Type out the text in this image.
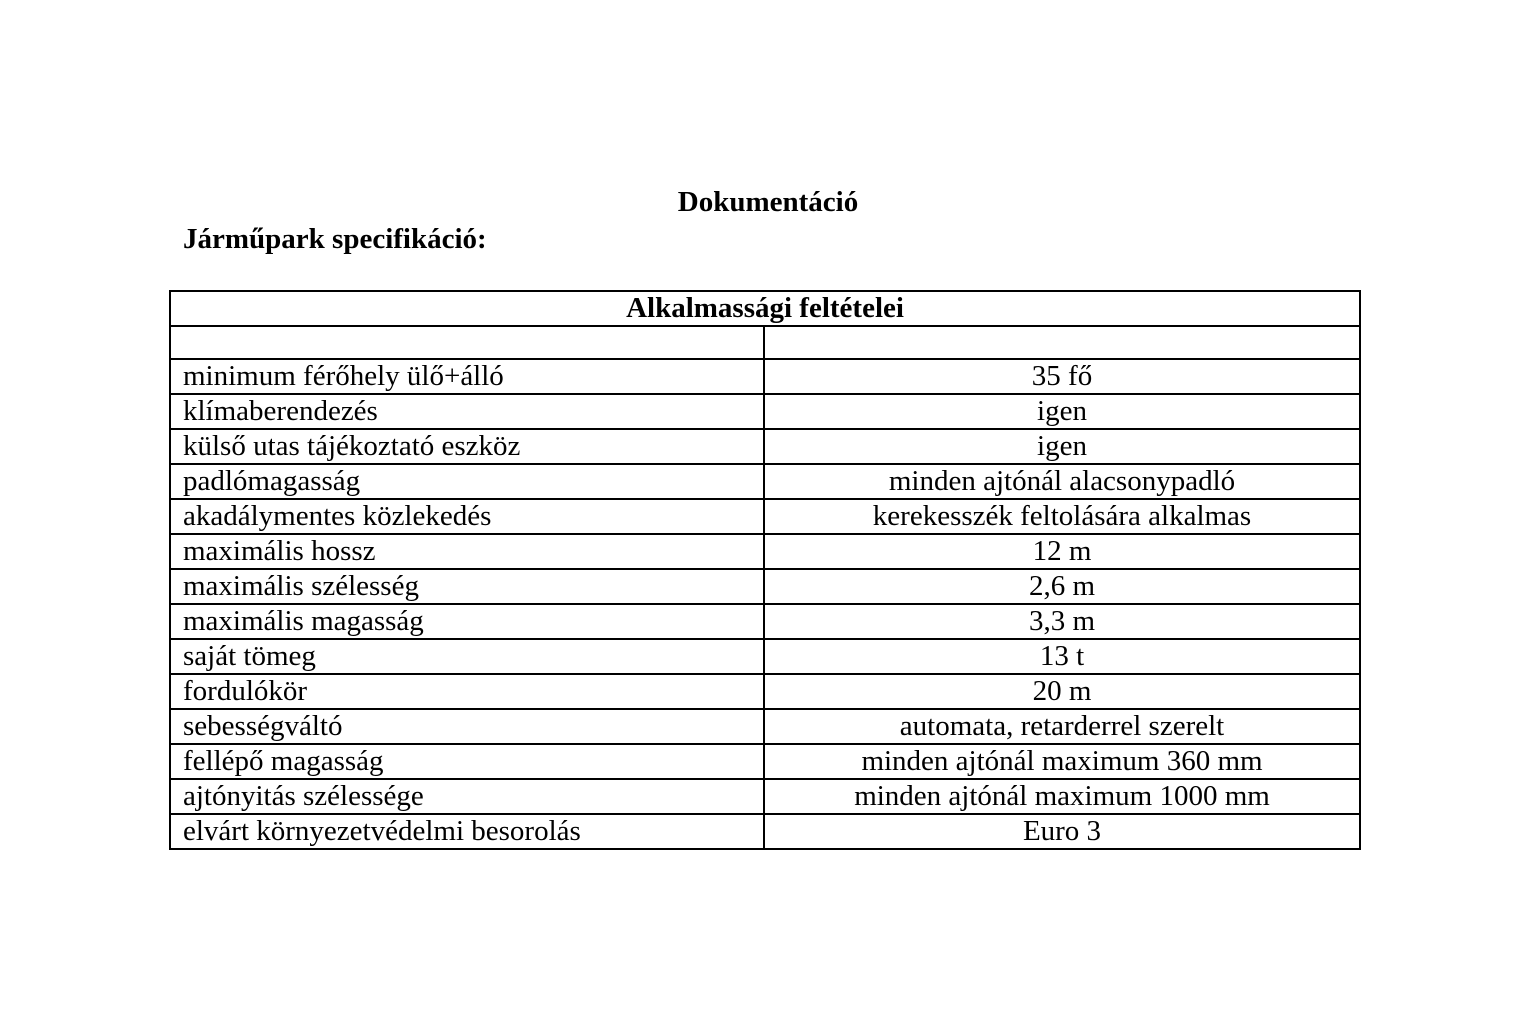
Dokumentáció
Járműpark specifikáció:
Alkalmassági feltételei	

minimum férőhely ülő+álló	35 fő
klímaberendezés	igen
külső utas tájékoztató eszköz	igen
padlómagasság	minden ajtónál alacsonypadló
akadálymentes közlekedés	kerekesszék feltolására alkalmas
maximális hossz	12 m
maximális szélesség	2,6 m
maximális magasság	3,3 m
saját tömeg	13 t
fordulókör	20 m
sebességváltó	automata, retarderrel szerelt
fellépő magasság	minden ajtónál maximum 360 mm
ajtónyitás szélessége	minden ajtónál maximum 1000 mm
elvárt környezetvédelmi besorolás	Euro 3
